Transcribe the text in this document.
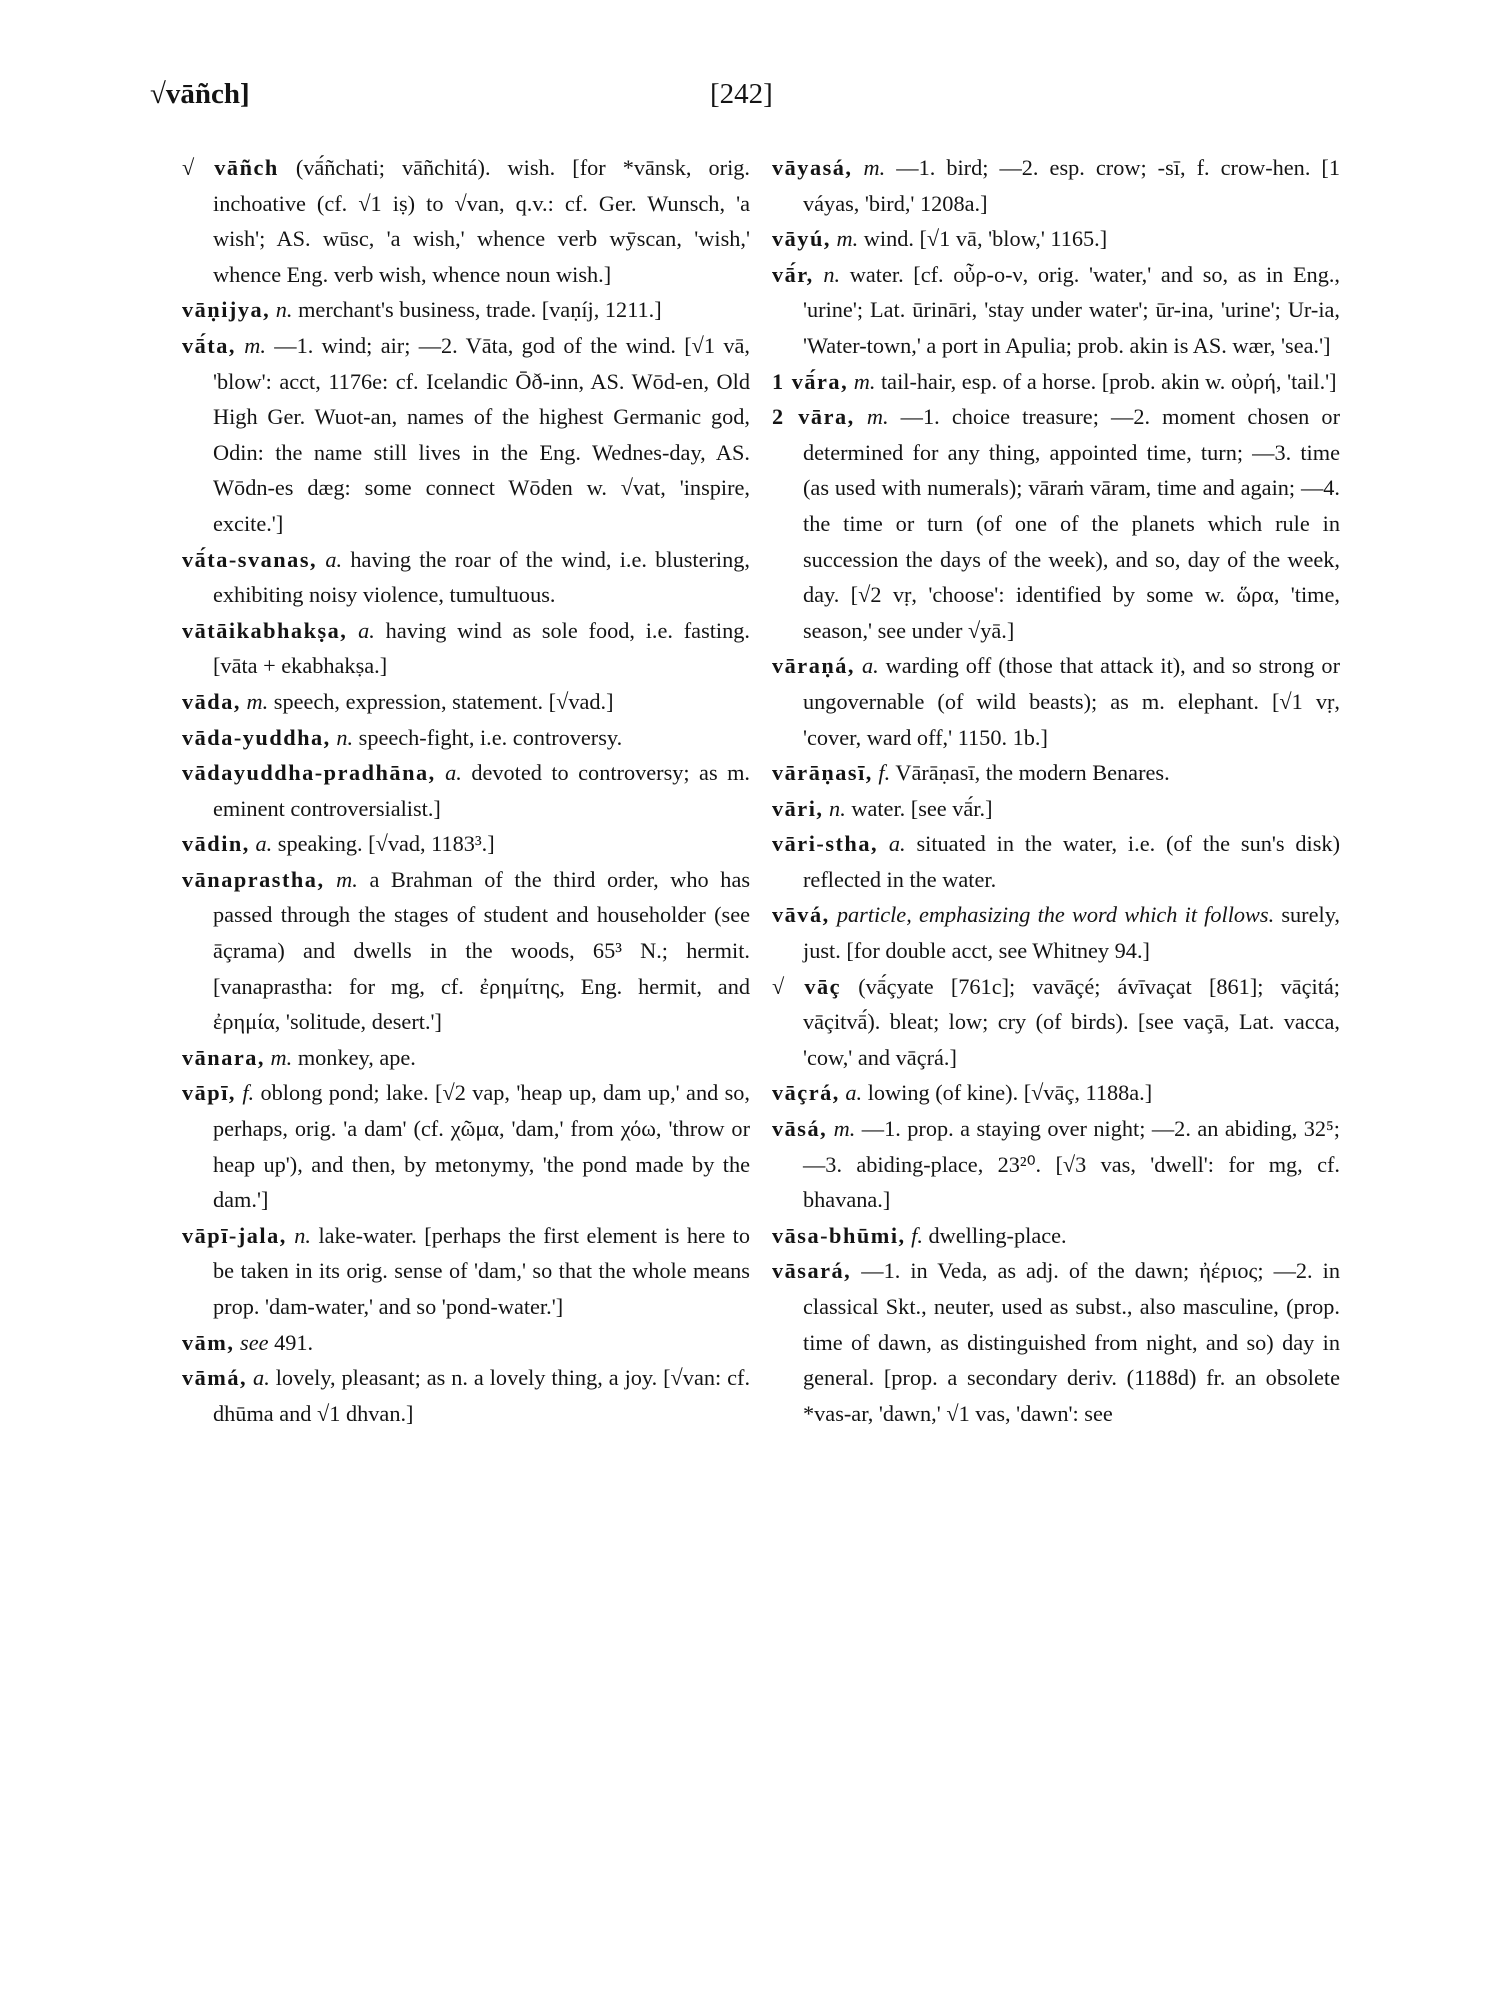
√vāñch]	[242]

√ vāñch (vā́ñchati; vāñchitá). wish. [for *vānsk, orig. inchoative (cf. √1 iṣ) to √van, q.v.: cf. Ger. Wunsch, 'a wish'; AS. wūsc, 'a wish,' whence verb wȳscan, 'wish,' whence Eng. verb wish, whence noun wish.]

vāṇijya, n. merchant's business, trade. [vaṇíj, 1211.]

vā́ta, m. —1. wind; air; —2. Vāta, god of the wind. [√1 vā, 'blow': acct, 1176e: cf. Icelandic Ōð-inn, AS. Wōd-en, Old High Ger. Wuot-an, names of the highest Germanic god, Odin: the name still lives in the Eng. Wednes-day, AS. Wōdn-es dæg: some connect Wōden w. √vat, 'inspire, excite.']

vā́ta-svanas, a. having the roar of the wind, i.e. blustering, exhibiting noisy violence, tumultuous.

vātāikabhakṣa, a. having wind as sole food, i.e. fasting. [vāta + ekabhakṣa.]

vāda, m. speech, expression, statement. [√vad.]

vāda-yuddha, n. speech-fight, i.e. controversy.

vādayuddha-pradhāna, a. devoted to controversy; as m. eminent controversialist.]

vādin, a. speaking. [√vad, 1183³.]

vānaprastha, m. a Brahman of the third order, who has passed through the stages of student and householder (see āçrama) and dwells in the woods, 65³ N.; hermit. [vanaprastha: for mg, cf. ἐρημίτης, Eng. hermit, and ἐρημία, 'solitude, desert.']

vānara, m. monkey, ape.

vāpī, f. oblong pond; lake. [√2 vap, 'heap up, dam up,' and so, perhaps, orig. 'a dam' (cf. χῶμα, 'dam,' from χόω, 'throw or heap up'), and then, by metonymy, 'the pond made by the dam.']

vāpī-jala, n. lake-water. [perhaps the first element is here to be taken in its orig. sense of 'dam,' so that the whole means prop. 'dam-water,' and so 'pond-water.']

vām, see 491.

vāmá, a. lovely, pleasant; as n. a lovely thing, a joy. [√van: cf. dhūma and √1 dhvan.]

vāyasá, m. —1. bird; —2. esp. crow; -sī, f. crow-hen. [1 váyas, 'bird,' 1208a.]

vāyú, m. wind. [√1 vā, 'blow,' 1165.]

vā́r, n. water. [cf. οὖρ-ο-ν, orig. 'water,' and so, as in Eng., 'urine'; Lat. ūrināri, 'stay under water'; ūr-ina, 'urine'; Ur-ia, 'Water-town,' a port in Apulia; prob. akin is AS. wær, 'sea.']

1 vā́ra, m. tail-hair, esp. of a horse. [prob. akin w. οὐρή, 'tail.']

2 vāra, m. —1. choice treasure; —2. moment chosen or determined for any thing, appointed time, turn; —3. time (as used with numerals); vāraṁ vāram, time and again; —4. the time or turn (of one of the planets which rule in succession the days of the week), and so, day of the week, day. [√2 vṛ, 'choose': identified by some w. ὥρα, 'time, season,' see under √yā.]

vāraṇá, a. warding off (those that attack it), and so strong or ungovernable (of wild beasts); as m. elephant. [√1 vṛ, 'cover, ward off,' 1150. 1b.]

vārāṇasī, f. Vārāṇasī, the modern Benares.

vāri, n. water. [see vā́r.]

vāri-stha, a. situated in the water, i.e. (of the sun's disk) reflected in the water.

vāvá, particle, emphasizing the word which it follows. surely, just. [for double acct, see Whitney 94.]

√ vāç (vā́çyate [761c]; vavāçé; ávīvaçat [861]; vāçitá; vāçitvā́). bleat; low; cry (of birds). [see vaçā, Lat. vacca, 'cow,' and vāçrá.]

vāçrá, a. lowing (of kine). [√vāç, 1188a.]

vāsá, m. —1. prop. a staying over night; —2. an abiding, 32⁵; —3. abiding-place, 23²⁰. [√3 vas, 'dwell': for mg, cf. bhavana.]

vāsa-bhūmi, f. dwelling-place.

vāsará, —1. in Veda, as adj. of the dawn; ἠέριος; —2. in classical Skt., neuter, used as subst., also masculine, (prop. time of dawn, as distinguished from night, and so) day in general. [prop. a secondary deriv. (1188d) fr. an obsolete *vas-ar, 'dawn,' √1 vas, 'dawn': see
